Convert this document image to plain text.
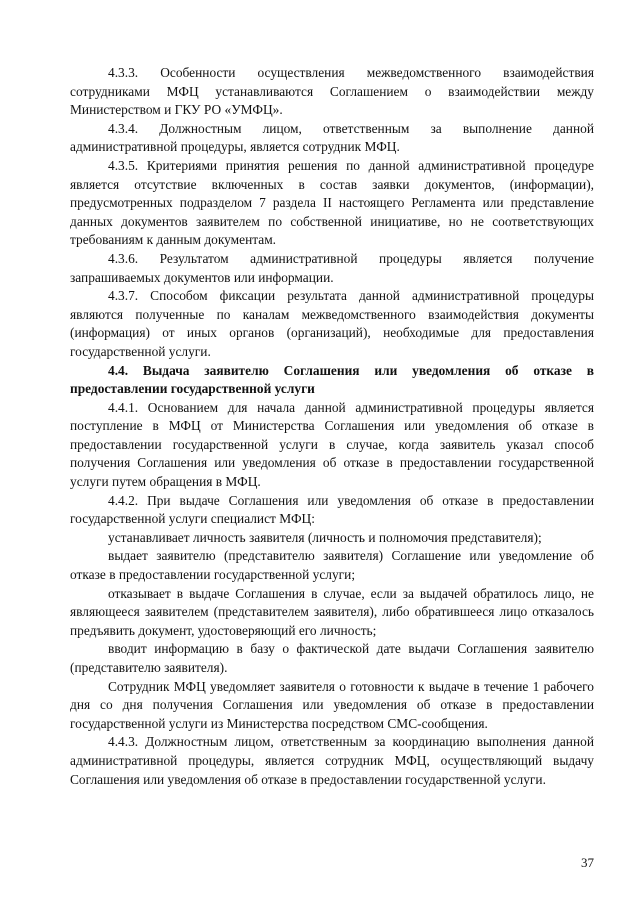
4.3.3. Особенности осуществления межведомственного взаимодействия сотрудниками МФЦ устанавливаются Соглашением о взаимодействии между Министерством и ГКУ РО «УМФЦ».

4.3.4. Должностным лицом, ответственным за выполнение данной административной процедуры, является сотрудник МФЦ.

4.3.5. Критериями принятия решения по данной административной процедуре является отсутствие включенных в состав заявки документов, (информации), предусмотренных подразделом 7 раздела II настоящего Регламента или представление данных документов заявителем по собственной инициативе, но не соответствующих требованиям к данным документам.

4.3.6. Результатом административной процедуры является получение запрашиваемых документов или информации.

4.3.7. Способом фиксации результата данной административной процедуры являются полученные по каналам межведомственного взаимодействия документы (информация) от иных органов (организаций), необходимые для предоставления государственной услуги.

4.4. Выдача заявителю Соглашения или уведомления об отказе в предоставлении государственной услуги

4.4.1. Основанием для начала данной административной процедуры является поступление в МФЦ от Министерства Соглашения или уведомления об отказе в предоставлении государственной услуги в случае, когда заявитель указал способ получения Соглашения или уведомления об отказе в предоставлении государственной услуги путем обращения в МФЦ.

4.4.2. При выдаче Соглашения или уведомления об отказе в предоставлении государственной услуги специалист МФЦ:

устанавливает личность заявителя (личность и полномочия представителя);

выдает заявителю (представителю заявителя) Соглашение или уведомление об отказе в предоставлении государственной услуги;

отказывает в выдаче Соглашения в случае, если за выдачей обратилось лицо, не являющееся заявителем (представителем заявителя), либо обратившееся лицо отказалось предъявить документ, удостоверяющий его личность;

вводит информацию в базу о фактической дате выдачи Соглашения заявителю (представителю заявителя).

Сотрудник МФЦ уведомляет заявителя о готовности к выдаче в течение 1 рабочего дня со дня получения Соглашения или уведомления об отказе в предоставлении государственной услуги из Министерства посредством СМС-сообщения.

4.4.3. Должностным лицом, ответственным за координацию выполнения данной административной процедуры, является сотрудник МФЦ, осуществляющий выдачу Соглашения или уведомления об отказе в предоставлении государственной услуги.

37
